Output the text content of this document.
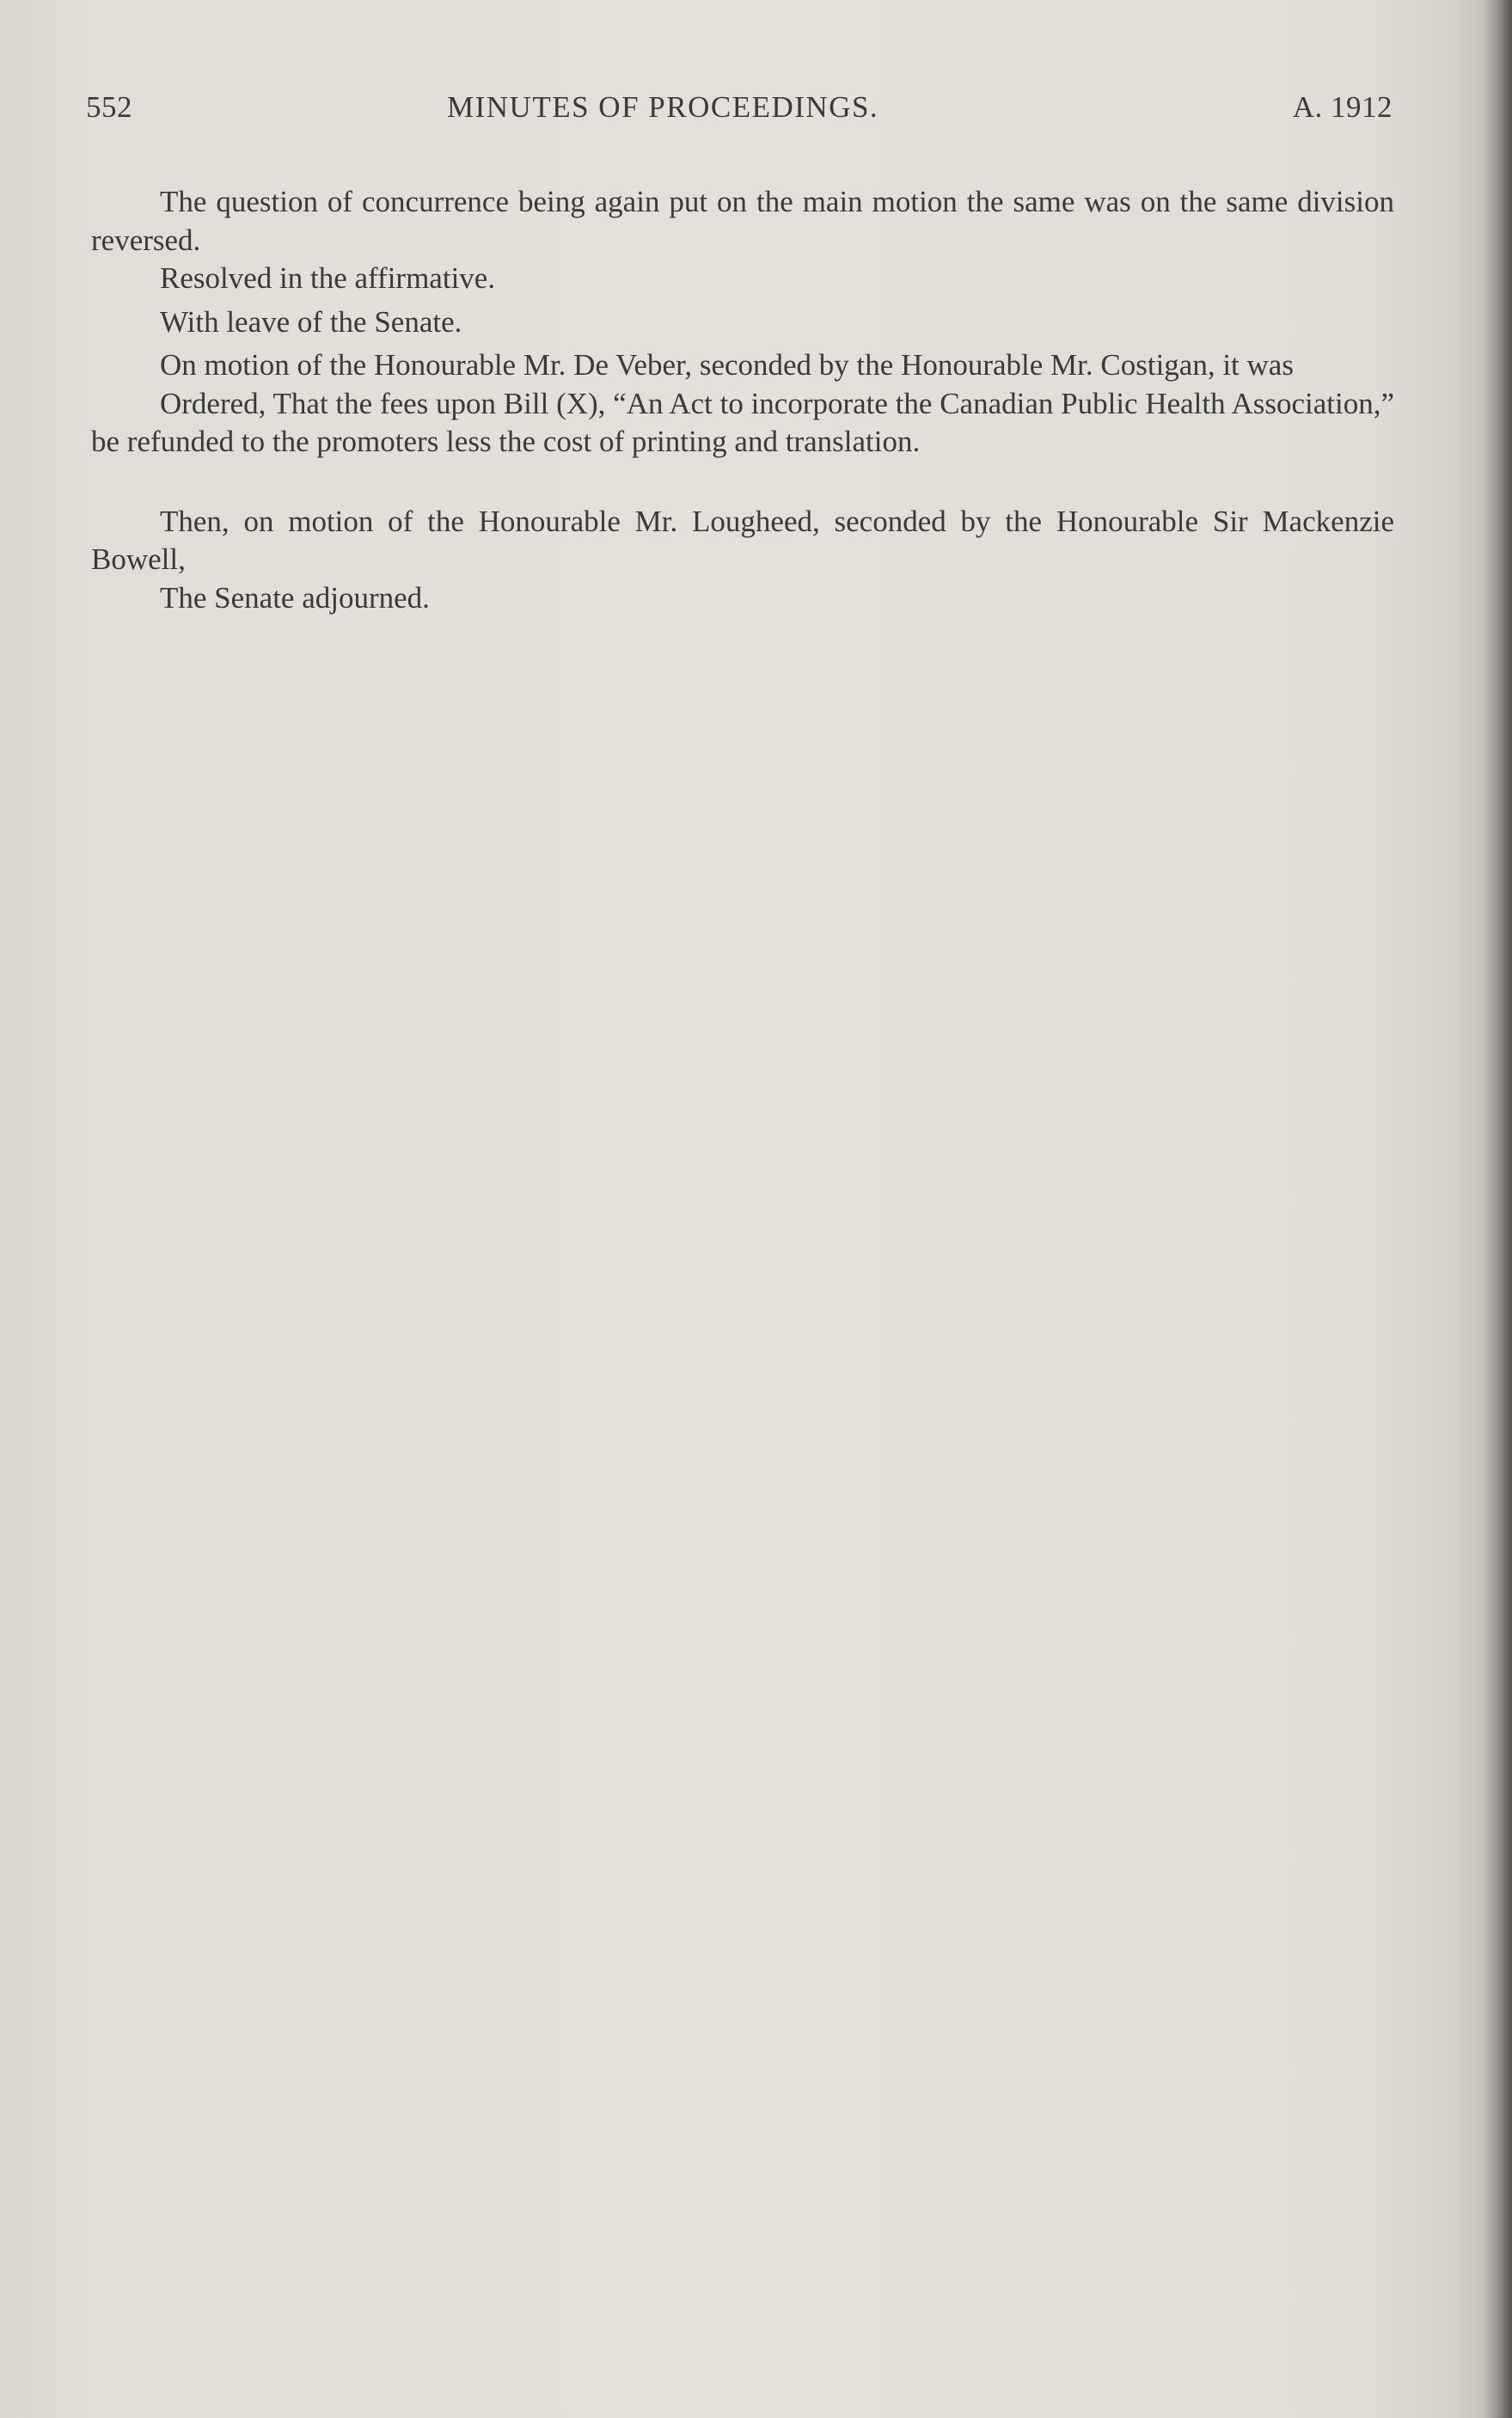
552	MINUTES OF PROCEEDINGS.	A. 1912

The question of concurrence being again put on the main motion the same was on the same division reversed.

Resolved in the affirmative.

With leave of the Senate.

On motion of the Honourable Mr. De Veber, seconded by the Honourable Mr. Costigan, it was

Ordered, That the fees upon Bill (X), “An Act to incorporate the Canadian Public Health Association,” be refunded to the promoters less the cost of printing and translation.

Then, on motion of the Honourable Mr. Lougheed, seconded by the Honourable Sir Mackenzie Bowell,

The Senate adjourned.
